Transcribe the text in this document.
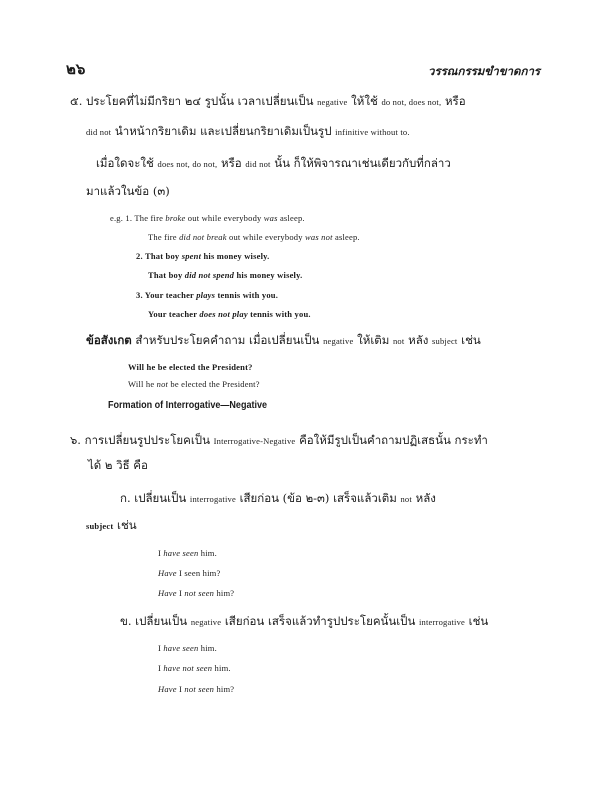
๒๖	วรรณกรรมขำขาดการ
๕. ประโยคที่ไม่มีกริยา ๒๔ รูปนั้น เวลาเปลี่ยนเป็น negative ให้ใช้ do not, does not, หรือ
did not นำหน้ากริยาเดิม และเปลี่ยนกริยาเดิมเป็นรูป infinitive without to.
เมื่อใดจะใช้ does not, do not, หรือ did not นั้น ก็ให้พิจารณาเช่นเดียวกับที่กล่าว
มาแล้วในข้อ (๓)
e.g. 1. The fire broke out while everybody was asleep.
The fire did not break out while everybody was not asleep.
2. That boy spent his money wisely.
That boy did not spend his money wisely.
3. Your teacher plays tennis with you.
Your teacher does not play tennis with you.
ข้อสังเกต สำหรับประโยคคำถาม เมื่อเปลี่ยนเป็น negative ให้เติม not หลัง subject เช่น
Will he be elected the President?
Will he not be elected the President?
Formation of Interrogative—Negative
๖. การเปลี่ยนรูปประโยคเป็น Interrogative-Negative คือให้มีรูปเป็นคำถามปฏิเสธนั้น กระทำ
ได้ ๒ วิธี คือ
ก. เปลี่ยนเป็น interrogative เสียก่อน (ข้อ ๒-๓) เสร็จแล้วเติม not หลัง
subject เช่น
I have seen him.
Have I seen him?
Have I not seen him?
ข. เปลี่ยนเป็น negative เสียก่อน เสร็จแล้วทำรูปประโยคนั้นเป็น interrogative เช่น
I have seen him.
I have not seen him.
Have I not seen him?
